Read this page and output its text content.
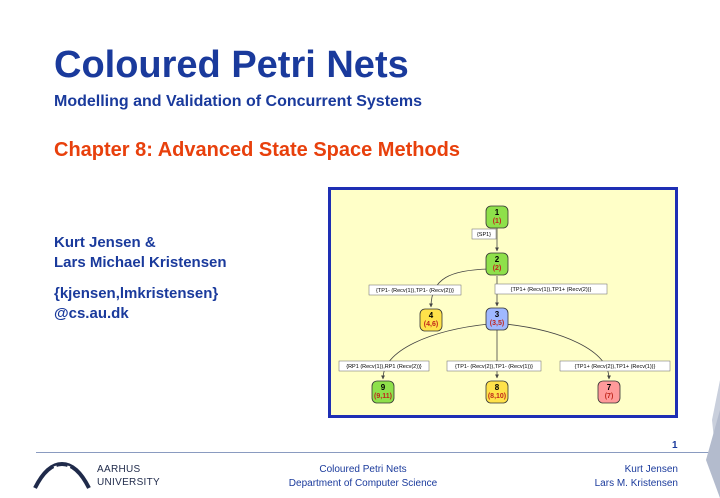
Coloured Petri Nets
Modelling and Validation of Concurrent Systems
Chapter 8: Advanced State Space Methods
Kurt Jensen &
Lars Michael Kristensen
{kjensen,lmkristensen}
@cs.au.dk
{SP1}
{TP1- (Recv(1)),TP1- (Recv(2))}	{TP1+ (Recv(1)),TP1+ (Recv(2))}
{RP1 (Recv(1)),RP1 (Recv(2))}	{TP1- (Recv(2)),TP1- (Recv(1))}	{TP1+ (Recv(2)),TP1+ (Recv(1))}
1
(1)
2
(2)
3
(3,5)
4
(4,6)
9
(9,11)
8
(8,10)
7
(7)
1
AARHUS
UNIVERSITY
Coloured Petri Nets
Department of Computer Science
Kurt Jensen
Lars M. Kristensen
